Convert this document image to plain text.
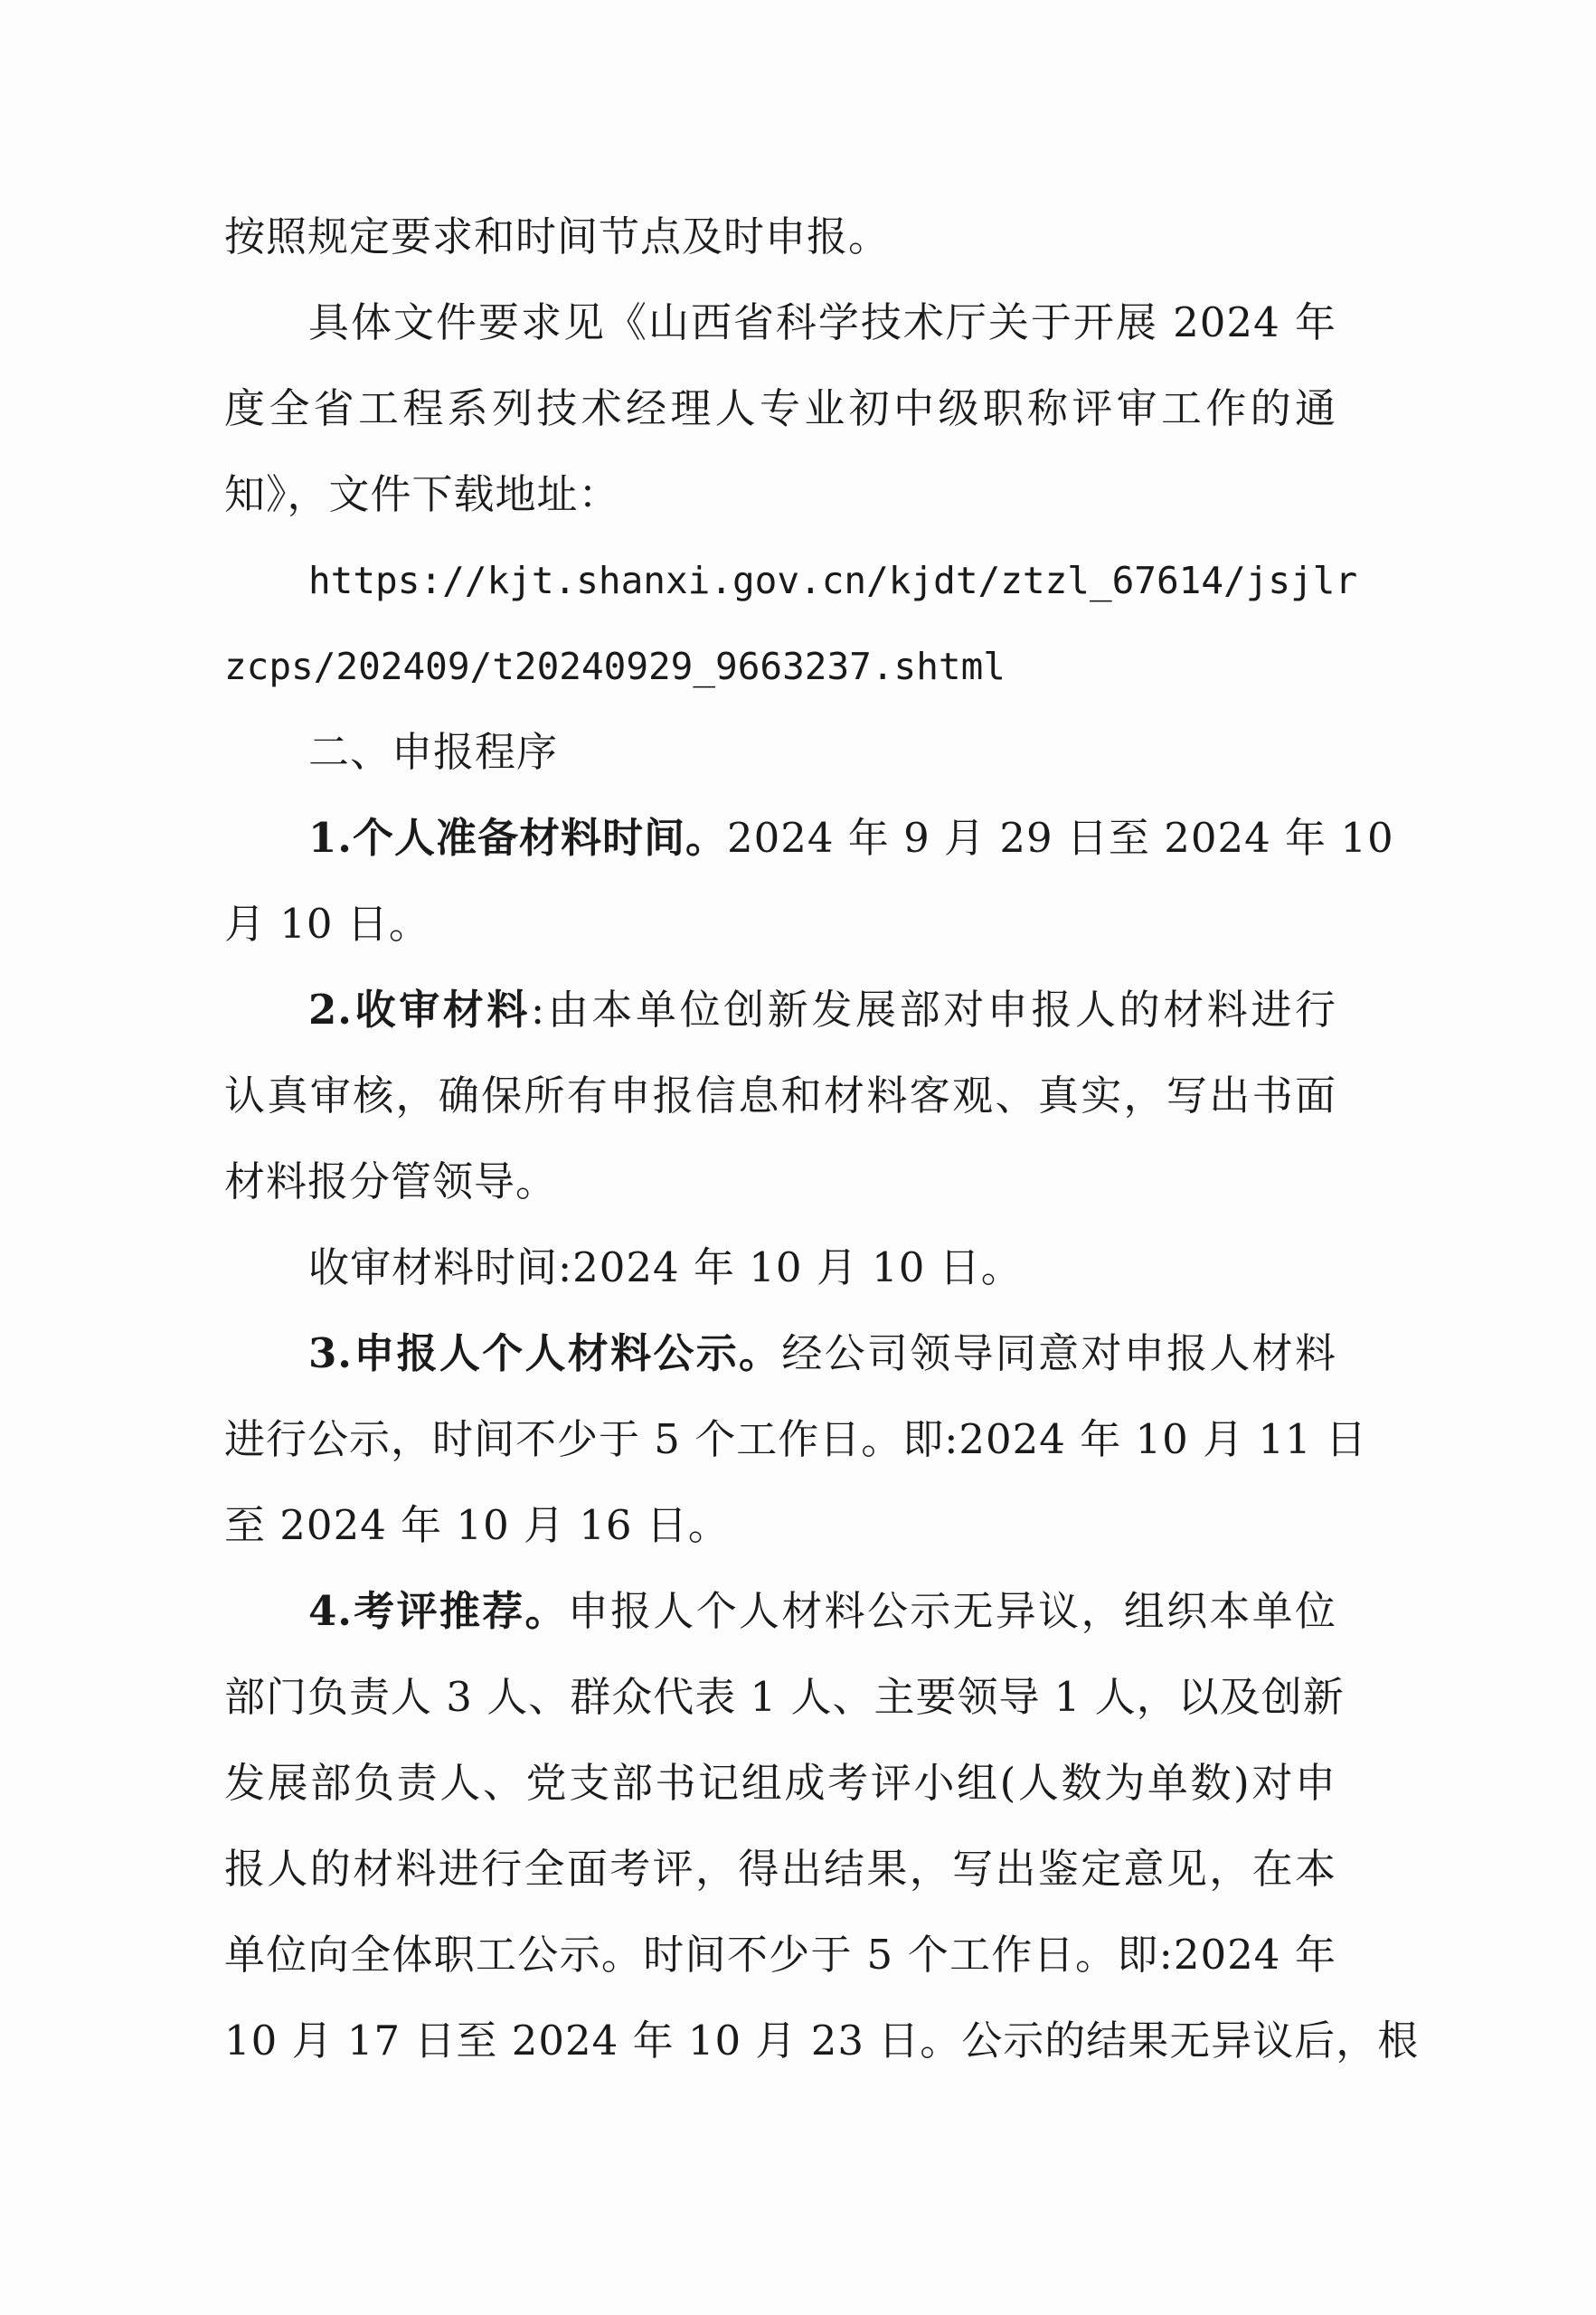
按照规定要求和时间节点及时申报。

具体文件要求见《山西省科学技术厅关于开展 2024 年

度全省工程系列技术经理人专业初中级职称评审工作的通

知》，文件下载地址：

https://kjt.shanxi.gov.cn/kjdt/ztzl_67614/jsjlr

zcps/202409/t20240929_9663237.shtml

二、申报程序

1.个人准备材料时间。2024 年 9 月 29 日至 2024 年 10

月 10 日。

2.收审材料:由本单位创新发展部对申报人的材料进行

认真审核，确保所有申报信息和材料客观、真实，写出书面

材料报分管领导。

收审材料时间:2024 年 10 月 10 日。

3.申报人个人材料公示。经公司领导同意对申报人材料

进行公示，时间不少于 5 个工作日。即:2024 年 10 月 11 日

至 2024 年 10 月 16 日。

4.考评推荐。申报人个人材料公示无异议，组织本单位

部门负责人 3 人、群众代表 1 人、主要领导 1 人，以及创新

发展部负责人、党支部书记组成考评小组(人数为单数)对申

报人的材料进行全面考评，得出结果，写出鉴定意见，在本

单位向全体职工公示。时间不少于 5 个工作日。即:2024 年

10 月 17 日至 2024 年 10 月 23 日。公示的结果无异议后，根
